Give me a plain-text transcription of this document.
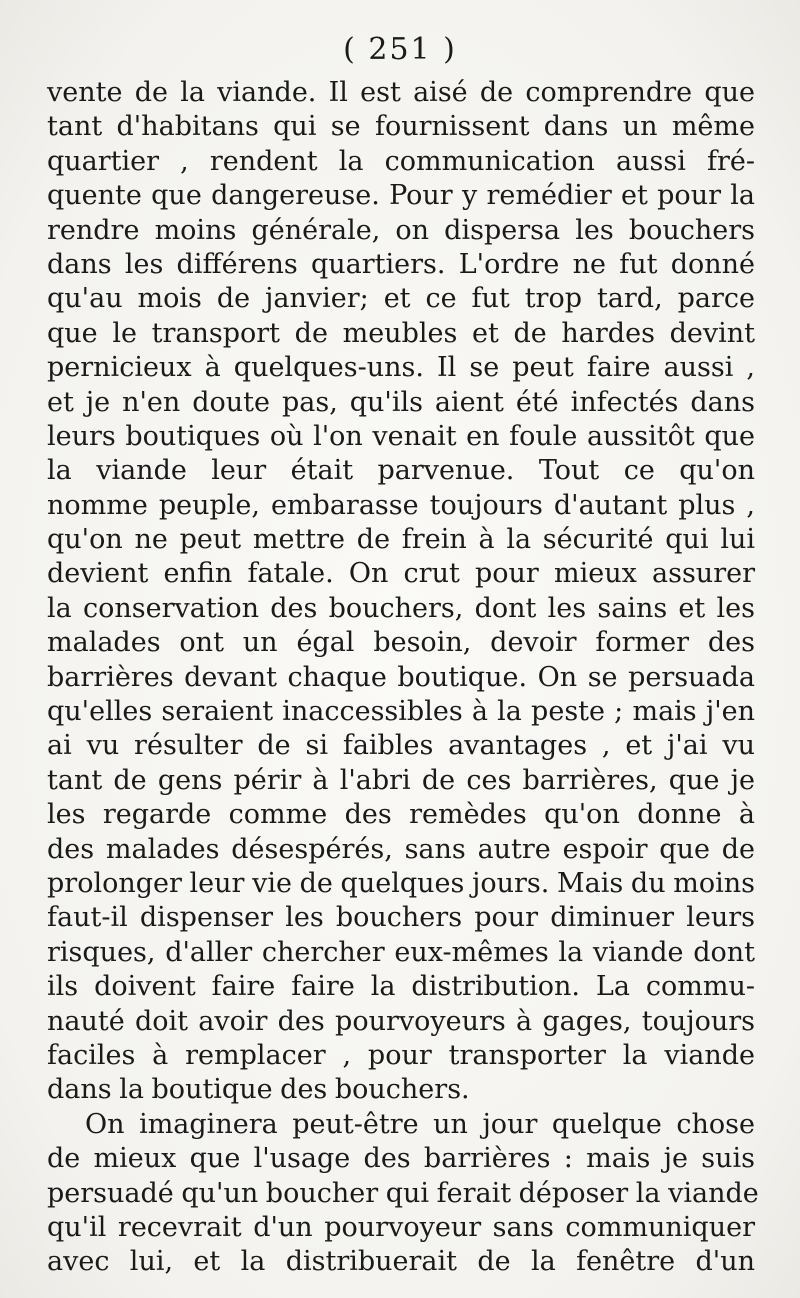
( 251 )
vente de la viande. Il est aisé de comprendre que
tant d'habitans qui se fournissent dans un même
quartier , rendent la communication aussi fré-
quente que dangereuse. Pour y remédier et pour la
rendre moins générale, on dispersa les bouchers
dans les différens quartiers. L'ordre ne fut donné
qu'au mois de janvier; et ce fut trop tard, parce
que le transport de meubles et de hardes devint
pernicieux à quelques-uns. Il se peut faire aussi ,
et je n'en doute pas, qu'ils aient été infectés dans
leurs boutiques où l'on venait en foule aussitôt que
la viande leur était parvenue. Tout ce qu'on
nomme peuple, embarasse toujours d'autant plus ,
qu'on ne peut mettre de frein à la sécurité qui lui
devient enfin fatale. On crut pour mieux assurer
la conservation des bouchers, dont les sains et les
malades ont un égal besoin, devoir former des
barrières devant chaque boutique. On se persuada
qu'elles seraient inaccessibles à la peste ; mais j'en
ai vu résulter de si faibles avantages , et j'ai vu
tant de gens périr à l'abri de ces barrières, que je
les regarde comme des remèdes qu'on donne à
des malades désespérés, sans autre espoir que de
prolonger leur vie de quelques jours. Mais du moins
faut-il dispenser les bouchers pour diminuer leurs
risques, d'aller chercher eux-mêmes la viande dont
ils doivent faire faire la distribution. La commu-
nauté doit avoir des pourvoyeurs à gages, toujours
faciles à remplacer , pour transporter la viande
dans la boutique des bouchers.
On imaginera peut-être un jour quelque chose
de mieux que l'usage des barrières : mais je suis
persuadé qu'un boucher qui ferait déposer la viande
qu'il recevrait d'un pourvoyeur sans communiquer
avec lui, et la distribuerait de la fenêtre d'un
